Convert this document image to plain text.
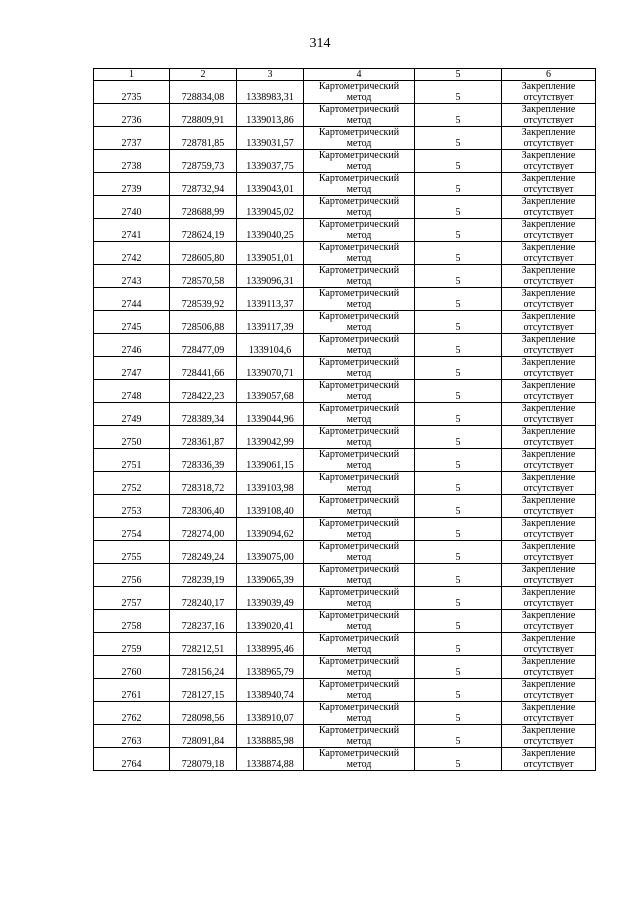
314
1	2	3	4	5	6
2735	728834,08	1338983,31	Картометрический метод	5	Закрепление отсутствует
2736	728809,91	1339013,86	Картометрический метод	5	Закрепление отсутствует
2737	728781,85	1339031,57	Картометрический метод	5	Закрепление отсутствует
2738	728759,73	1339037,75	Картометрический метод	5	Закрепление отсутствует
2739	728732,94	1339043,01	Картометрический метод	5	Закрепление отсутствует
2740	728688,99	1339045,02	Картометрический метод	5	Закрепление отсутствует
2741	728624,19	1339040,25	Картометрический метод	5	Закрепление отсутствует
2742	728605,80	1339051,01	Картометрический метод	5	Закрепление отсутствует
2743	728570,58	1339096,31	Картометрический метод	5	Закрепление отсутствует
2744	728539,92	1339113,37	Картометрический метод	5	Закрепление отсутствует
2745	728506,88	1339117,39	Картометрический метод	5	Закрепление отсутствует
2746	728477,09	1339104,6	Картометрический метод	5	Закрепление отсутствует
2747	728441,66	1339070,71	Картометрический метод	5	Закрепление отсутствует
2748	728422,23	1339057,68	Картометрический метод	5	Закрепление отсутствует
2749	728389,34	1339044,96	Картометрический метод	5	Закрепление отсутствует
2750	728361,87	1339042,99	Картометрический метод	5	Закрепление отсутствует
2751	728336,39	1339061,15	Картометрический метод	5	Закрепление отсутствует
2752	728318,72	1339103,98	Картометрический метод	5	Закрепление отсутствует
2753	728306,40	1339108,40	Картометрический метод	5	Закрепление отсутствует
2754	728274,00	1339094,62	Картометрический метод	5	Закрепление отсутствует
2755	728249,24	1339075,00	Картометрический метод	5	Закрепление отсутствует
2756	728239,19	1339065,39	Картометрический метод	5	Закрепление отсутствует
2757	728240,17	1339039,49	Картометрический метод	5	Закрепление отсутствует
2758	728237,16	1339020,41	Картометрический метод	5	Закрепление отсутствует
2759	728212,51	1338995,46	Картометрический метод	5	Закрепление отсутствует
2760	728156,24	1338965,79	Картометрический метод	5	Закрепление отсутствует
2761	728127,15	1338940,74	Картометрический метод	5	Закрепление отсутствует
2762	728098,56	1338910,07	Картометрический метод	5	Закрепление отсутствует
2763	728091,84	1338885,98	Картометрический метод	5	Закрепление отсутствует
2764	728079,18	1338874,88	Картометрический метод	5	Закрепление отсутствует
